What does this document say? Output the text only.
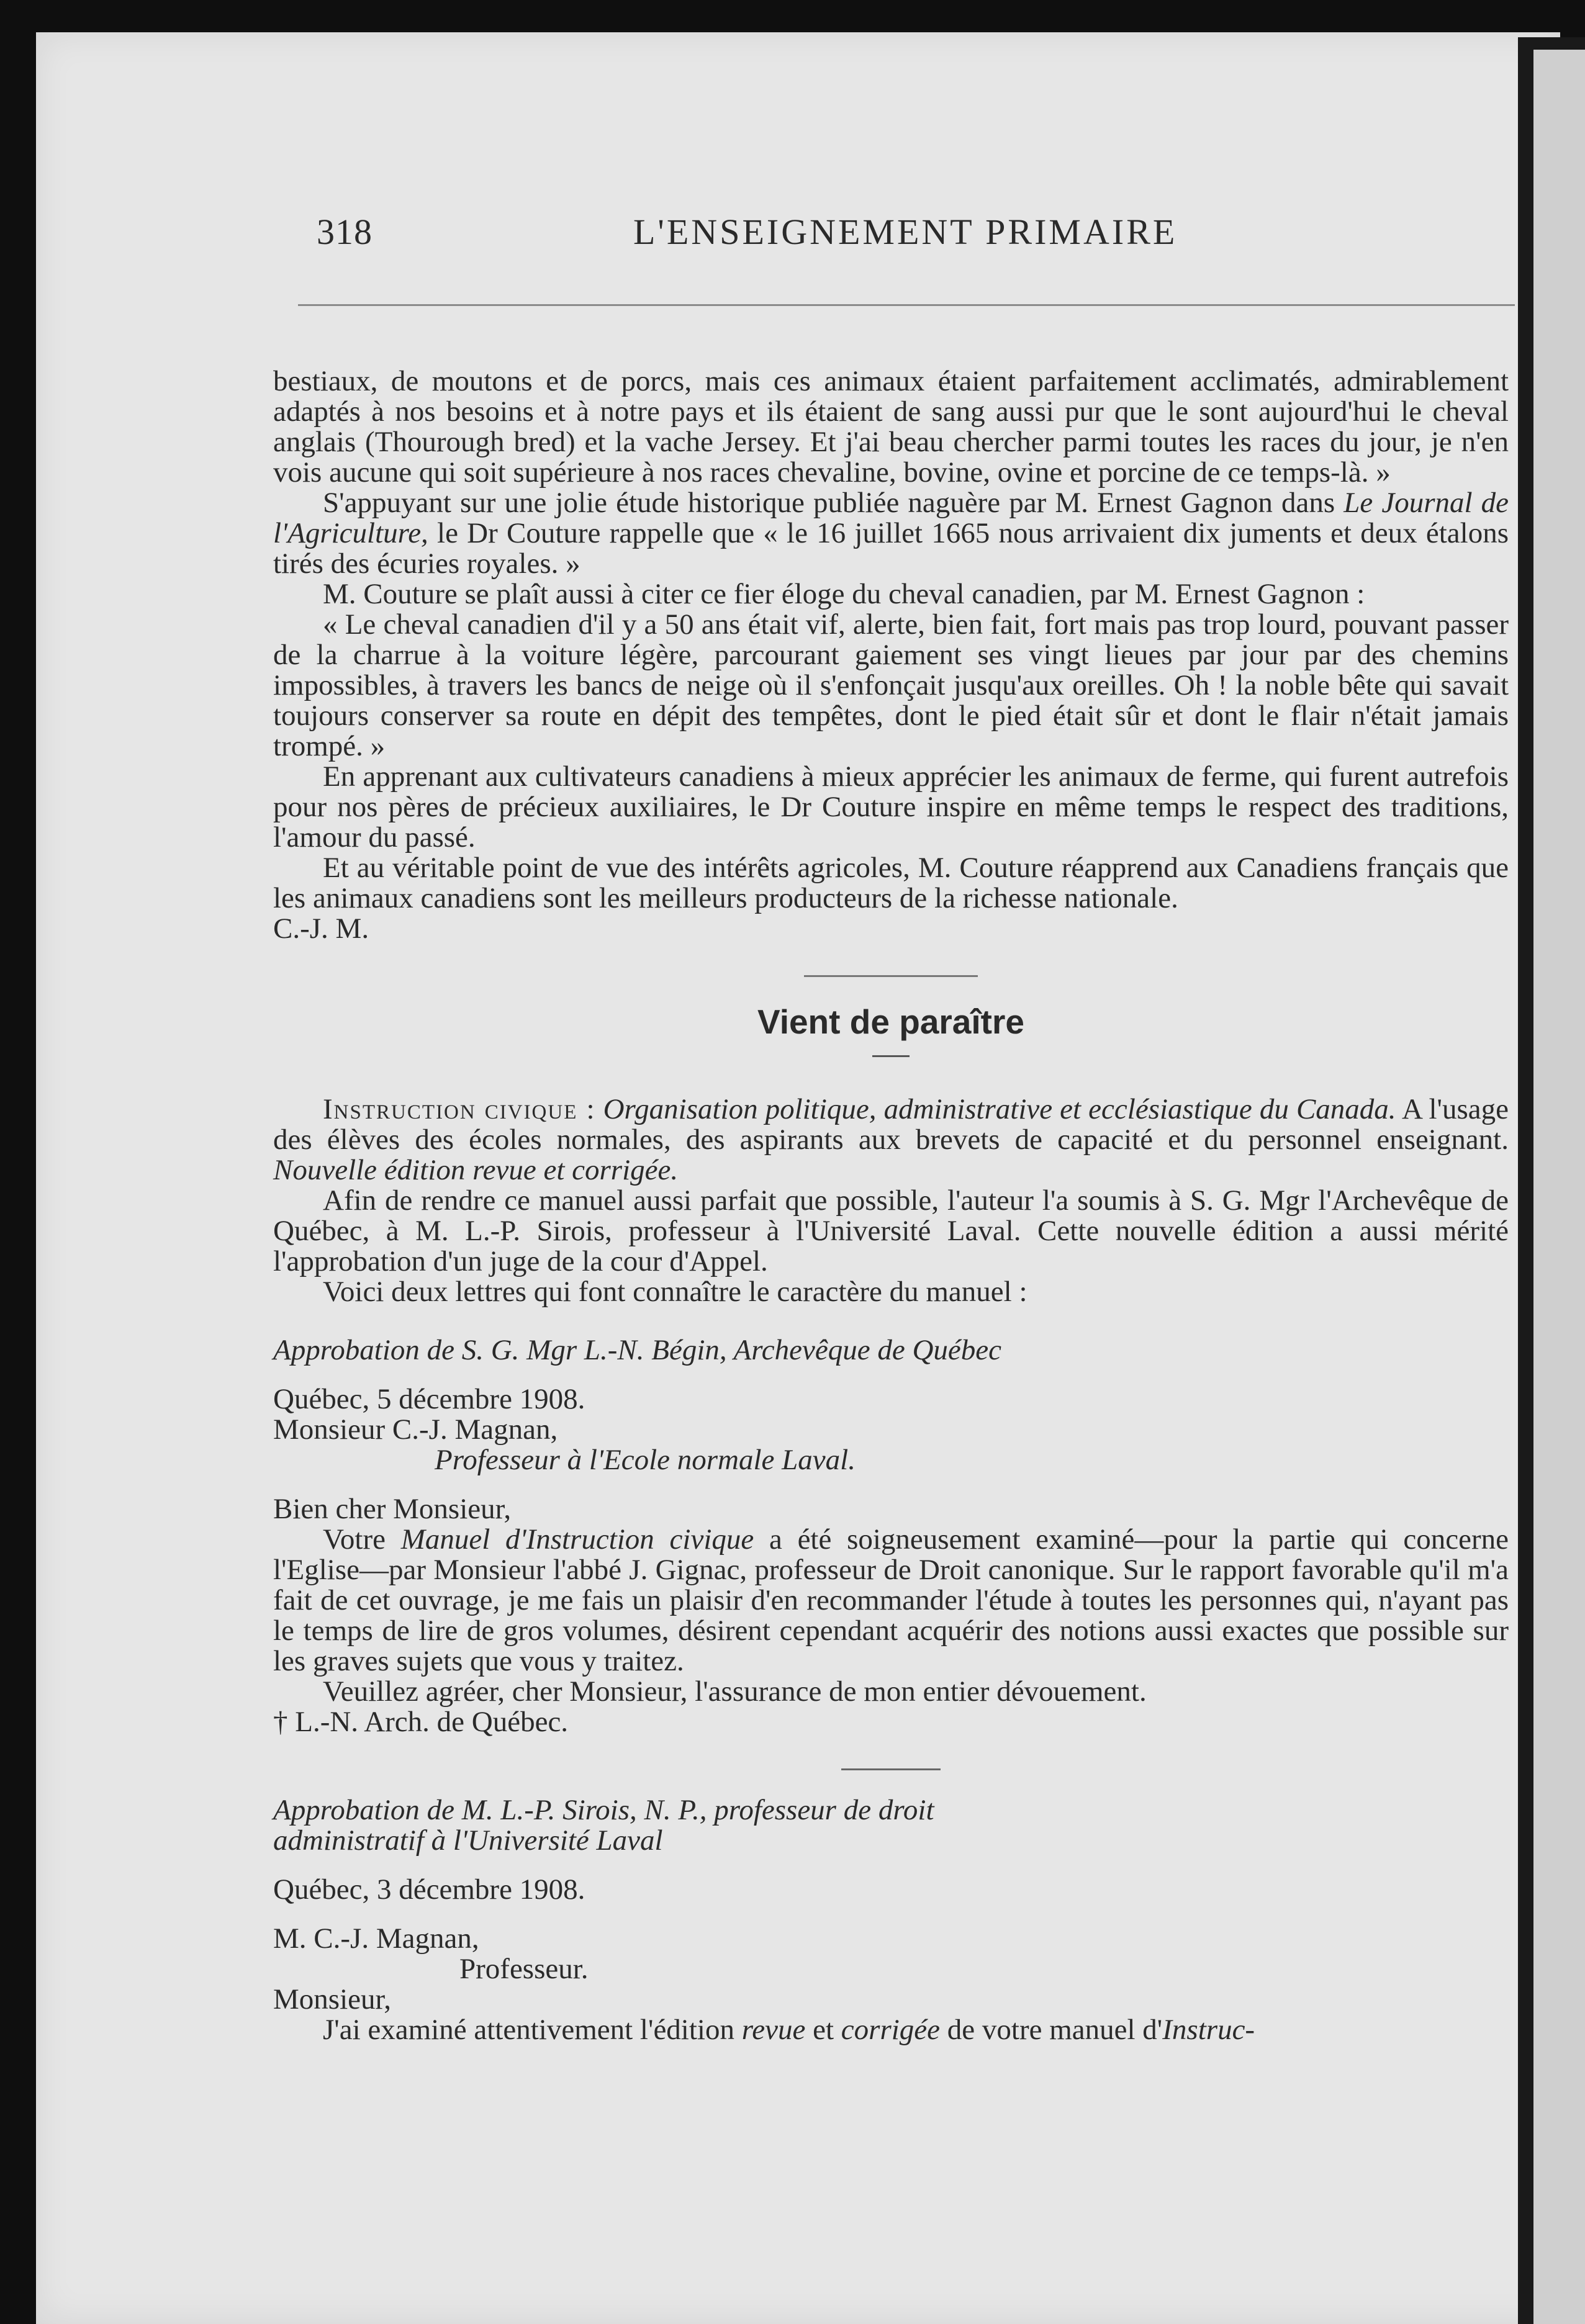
318	L'ENSEIGNEMENT PRIMAIRE

bestiaux, de moutons et de porcs, mais ces animaux étaient parfaitement acclimatés, admirablement adaptés à nos besoins et à notre pays et ils étaient de sang aussi pur que le sont aujourd'hui le cheval anglais (Thourough bred) et la vache Jersey. Et j'ai beau chercher parmi toutes les races du jour, je n'en vois aucune qui soit supérieure à nos races chevaline, bovine, ovine et porcine de ce temps-là. »

S'appuyant sur une jolie étude historique publiée naguère par M. Ernest Gagnon dans Le Journal de l'Agriculture, le Dr Couture rappelle que « le 16 juillet 1665 nous arrivaient dix juments et deux étalons tirés des écuries royales. »

M. Couture se plaît aussi à citer ce fier éloge du cheval canadien, par M. Ernest Gagnon :

« Le cheval canadien d'il y a 50 ans était vif, alerte, bien fait, fort mais pas trop lourd, pouvant passer de la charrue à la voiture légère, parcourant gaiement ses vingt lieues par jour par des chemins impossibles, à travers les bancs de neige où il s'enfonçait jusqu'aux oreilles. Oh ! la noble bête qui savait toujours conserver sa route en dépit des tempêtes, dont le pied était sûr et dont le flair n'était jamais trompé. »

En apprenant aux cultivateurs canadiens à mieux apprécier les animaux de ferme, qui furent autrefois pour nos pères de précieux auxiliaires, le Dr Couture inspire en même temps le respect des traditions, l'amour du passé.

Et au véritable point de vue des intérêts agricoles, M. Couture réapprend aux Canadiens français que les animaux canadiens sont les meilleurs producteurs de la richesse nationale.

C.-J. M.

Vient de paraître

Instruction civique : Organisation politique, administrative et ecclésiastique du Canada. A l'usage des élèves des écoles normales, des aspirants aux brevets de capacité et du personnel enseignant. Nouvelle édition revue et corrigée.

Afin de rendre ce manuel aussi parfait que possible, l'auteur l'a soumis à S. G. Mgr l'Archevêque de Québec, à M. L.-P. Sirois, professeur à l'Université Laval. Cette nouvelle édition a aussi mérité l'approbation d'un juge de la cour d'Appel.

Voici deux lettres qui font connaître le caractère du manuel :

Approbation de S. G. Mgr L.-N. Bégin, Archevêque de Québec

Québec, 5 décembre 1908.

Monsieur C.-J. Magnan,

Professeur à l'Ecole normale Laval.

Bien cher Monsieur,

Votre Manuel d'Instruction civique a été soigneusement examiné—pour la partie qui concerne l'Eglise—par Monsieur l'abbé J. Gignac, professeur de Droit canonique. Sur le rapport favorable qu'il m'a fait de cet ouvrage, je me fais un plaisir d'en recommander l'étude à toutes les personnes qui, n'ayant pas le temps de lire de gros volumes, désirent cependant acquérir des notions aussi exactes que possible sur les graves sujets que vous y traitez.

Veuillez agréer, cher Monsieur, l'assurance de mon entier dévouement.

† L.-N. Arch. de Québec.

Approbation de M. L.-P. Sirois, N. P., professeur de droit

administratif à l'Université Laval

Québec, 3 décembre 1908.

M. C.-J. Magnan,

Professeur.

Monsieur,

J'ai examiné attentivement l'édition revue et corrigée de votre manuel d'Instruc-
